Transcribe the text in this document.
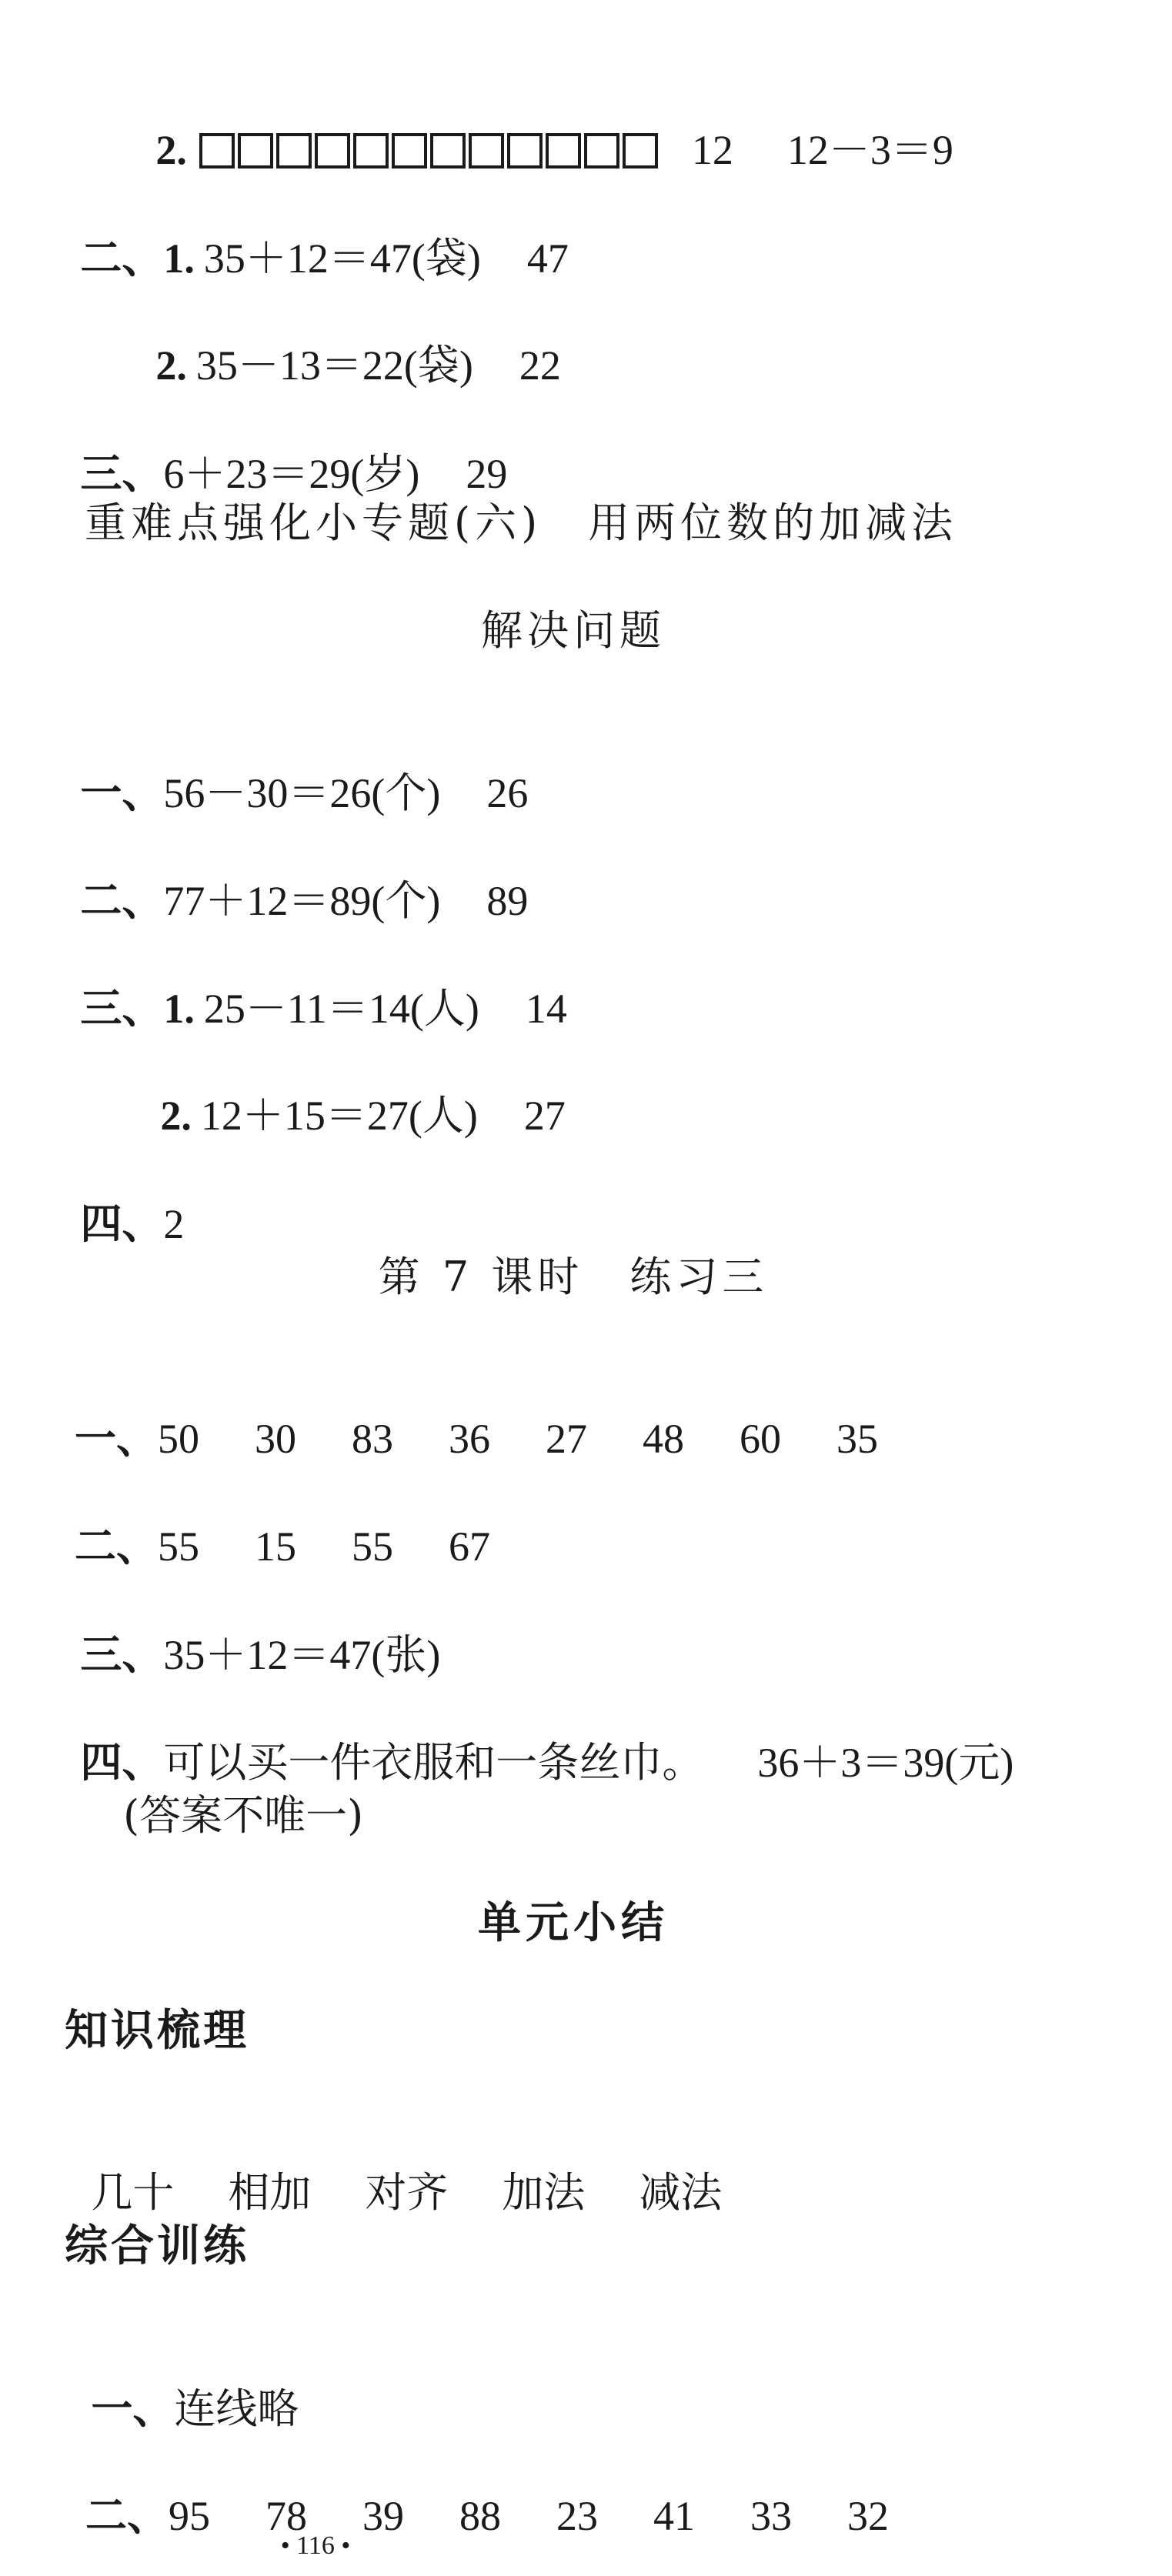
2.	12 12－3＝9

二、1. 35＋12＝47(袋) 47

2. 35－13＝22(袋) 22

三、6＋23＝29(岁) 29

重难点强化小专题(六) 用两位数的加减法
解决问题

一、56－30＝26(个) 26

二、77＋12＝89(个) 89

三、1. 25－11＝14(人) 14

2. 12＋15＝27(人) 27

四、2

第 7 课时 练习三

一、50 30 83 36 27 48 60 35

二、55 15 55 67

三、35＋12＝47(张)

四、可以买一件衣服和一条丝巾。 36＋3＝39(元)

(答案不唯一)
单元小结
知识梳理

几十 相加 对齐 加法 减法

综合训练

一、连线略

二、95 78 39 88 23 41 33 32

• 116 •
